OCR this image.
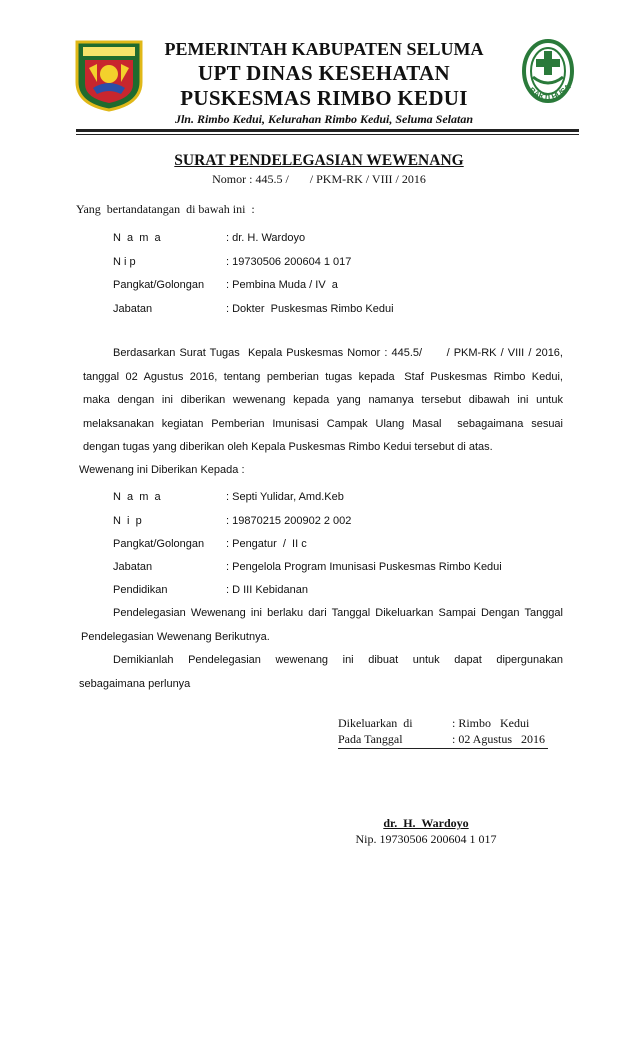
PEMERINTAH KABUPATEN SELUMA
UPT DINAS KESEHATAN
PUSKESMAS RIMBO KEDUI
Jln. Rimbo Kedui, Kelurahan Rimbo Kedui, Seluma Selatan
BAKTI HUSA
SURAT PENDELEGASIAN WEWENANG
Nomor : 445.5 /       / PKM-RK / VIII / 2016
Yang  bertandatangan  di bawah ini  :
N  a  m  a	: dr. H. Wardoyo
N i p	: 19730506 200604 1 017
Pangkat/Golongan : Pembina Muda / IV  a
Jabatan	: Dokter  Puskesmas Rimbo Kedui
Berdasarkan Surat Tugas  Kepala Puskesmas Nomor : 445.5/      / PKM-RK / VIII / 2016,
tanggal  02  Agustus  2016,  tentang  pemberian  tugas  kepada   Staf  Puskesmas  Rimbo  Kedui,
maka  dengan  ini  diberikan  wewenang  kepada  yang  namanya  tersebut  dibawah  ini  untuk
melaksanakan  kegiatan  Pemberian  Imunisasi  Campak  Ulang  Masal    sebagaimana  sesuai
dengan tugas yang diberikan oleh Kepala Puskesmas Rimbo Kedui tersebut di atas.
Wewenang ini Diberikan Kepada :
N  a  m  a	: Septi Yulidar, Amd.Keb
N  i  p	: 19870215 200902 2 002
Pangkat/Golongan : Pengatur  /  II c
Jabatan	: Pengelola Program Imunisasi Puskesmas Rimbo Kedui
Pendidikan	: D III Kebidanan
Pendelegasian Wewenang ini berlaku dari Tanggal Dikeluarkan Sampai Dengan Tanggal
Pendelegasian Wewenang Berikutnya.
Demikianlah   Pendelegasian   wewenang   ini   dibuat   untuk   dapat   dipergunakan
sebagaimana perlunya
Dikeluarkan  di	: Rimbo   Kedui
Pada Tanggal	: 02 Agustus   2016
dr.  H.  Wardoyo
Nip. 19730506 200604 1 017
